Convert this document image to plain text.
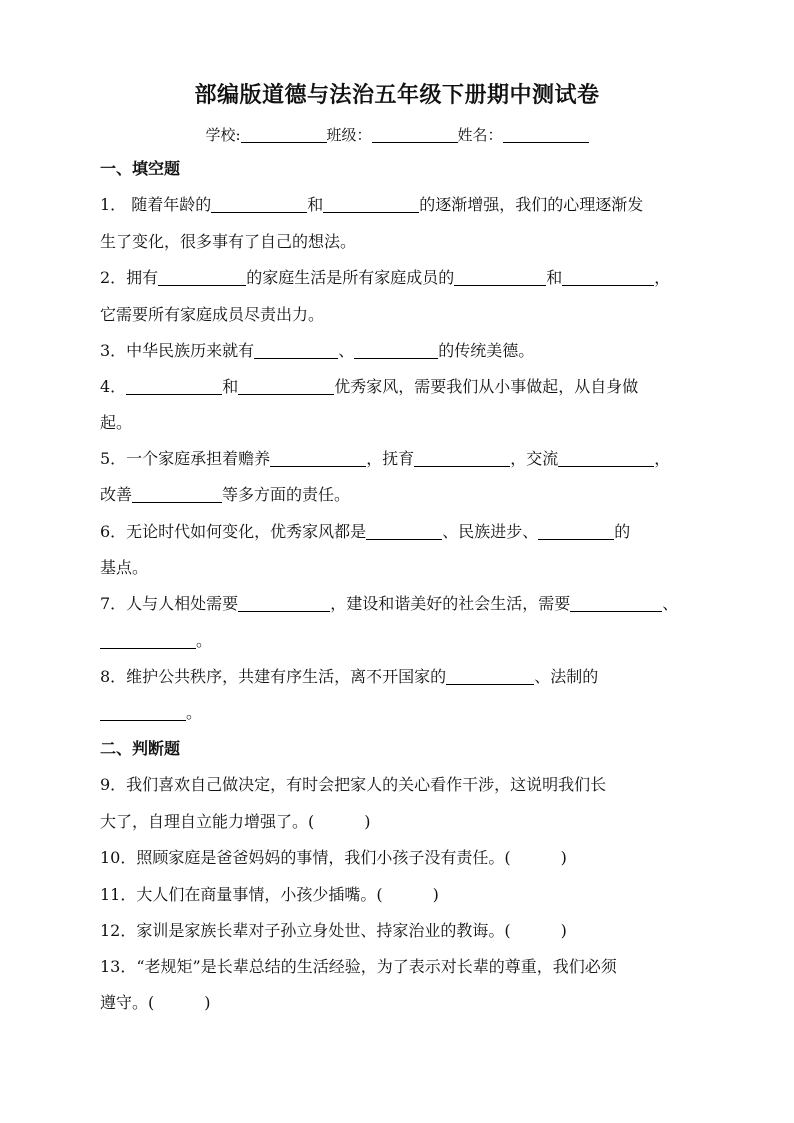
部编版道德与法治五年级下册期中测试卷
学校:	班级：	姓名：
一、填空题
1． 随着年龄的	和	的逐渐增强，我们的心理逐渐发
生了变化，很多事有了自己的想法。
2．拥有	的家庭生活是所有家庭成员的	和	，
它需要所有家庭成员尽责出力。
3．中华民族历来就有	、	的传统美德。
4．	和	优秀家风，需要我们从小事做起，从自身做
起。
5．一个家庭承担着赡养	，抚育	，交流	，
改善	等多方面的责任。
6．无论时代如何变化，优秀家风都是	、民族进步、	的
基点。
7．人与人相处需要	，建设和谐美好的社会生活，需要	、
。
8．维护公共秩序，共建有序生活，离不开国家的	、法制的
。
二、判断题
9．我们喜欢自己做决定，有时会把家人的关心看作干涉，这说明我们长
大了，自理自立能力增强了。(	)
10．照顾家庭是爸爸妈妈的事情，我们小孩子没有责任。(	)
11．大人们在商量事情，小孩少插嘴。(	)
12．家训是家族长辈对子孙立身处世、持家治业的教诲。(	)
13．“老规矩”是长辈总结的生活经验，为了表示对长辈的尊重，我们必须
遵守。(	)
